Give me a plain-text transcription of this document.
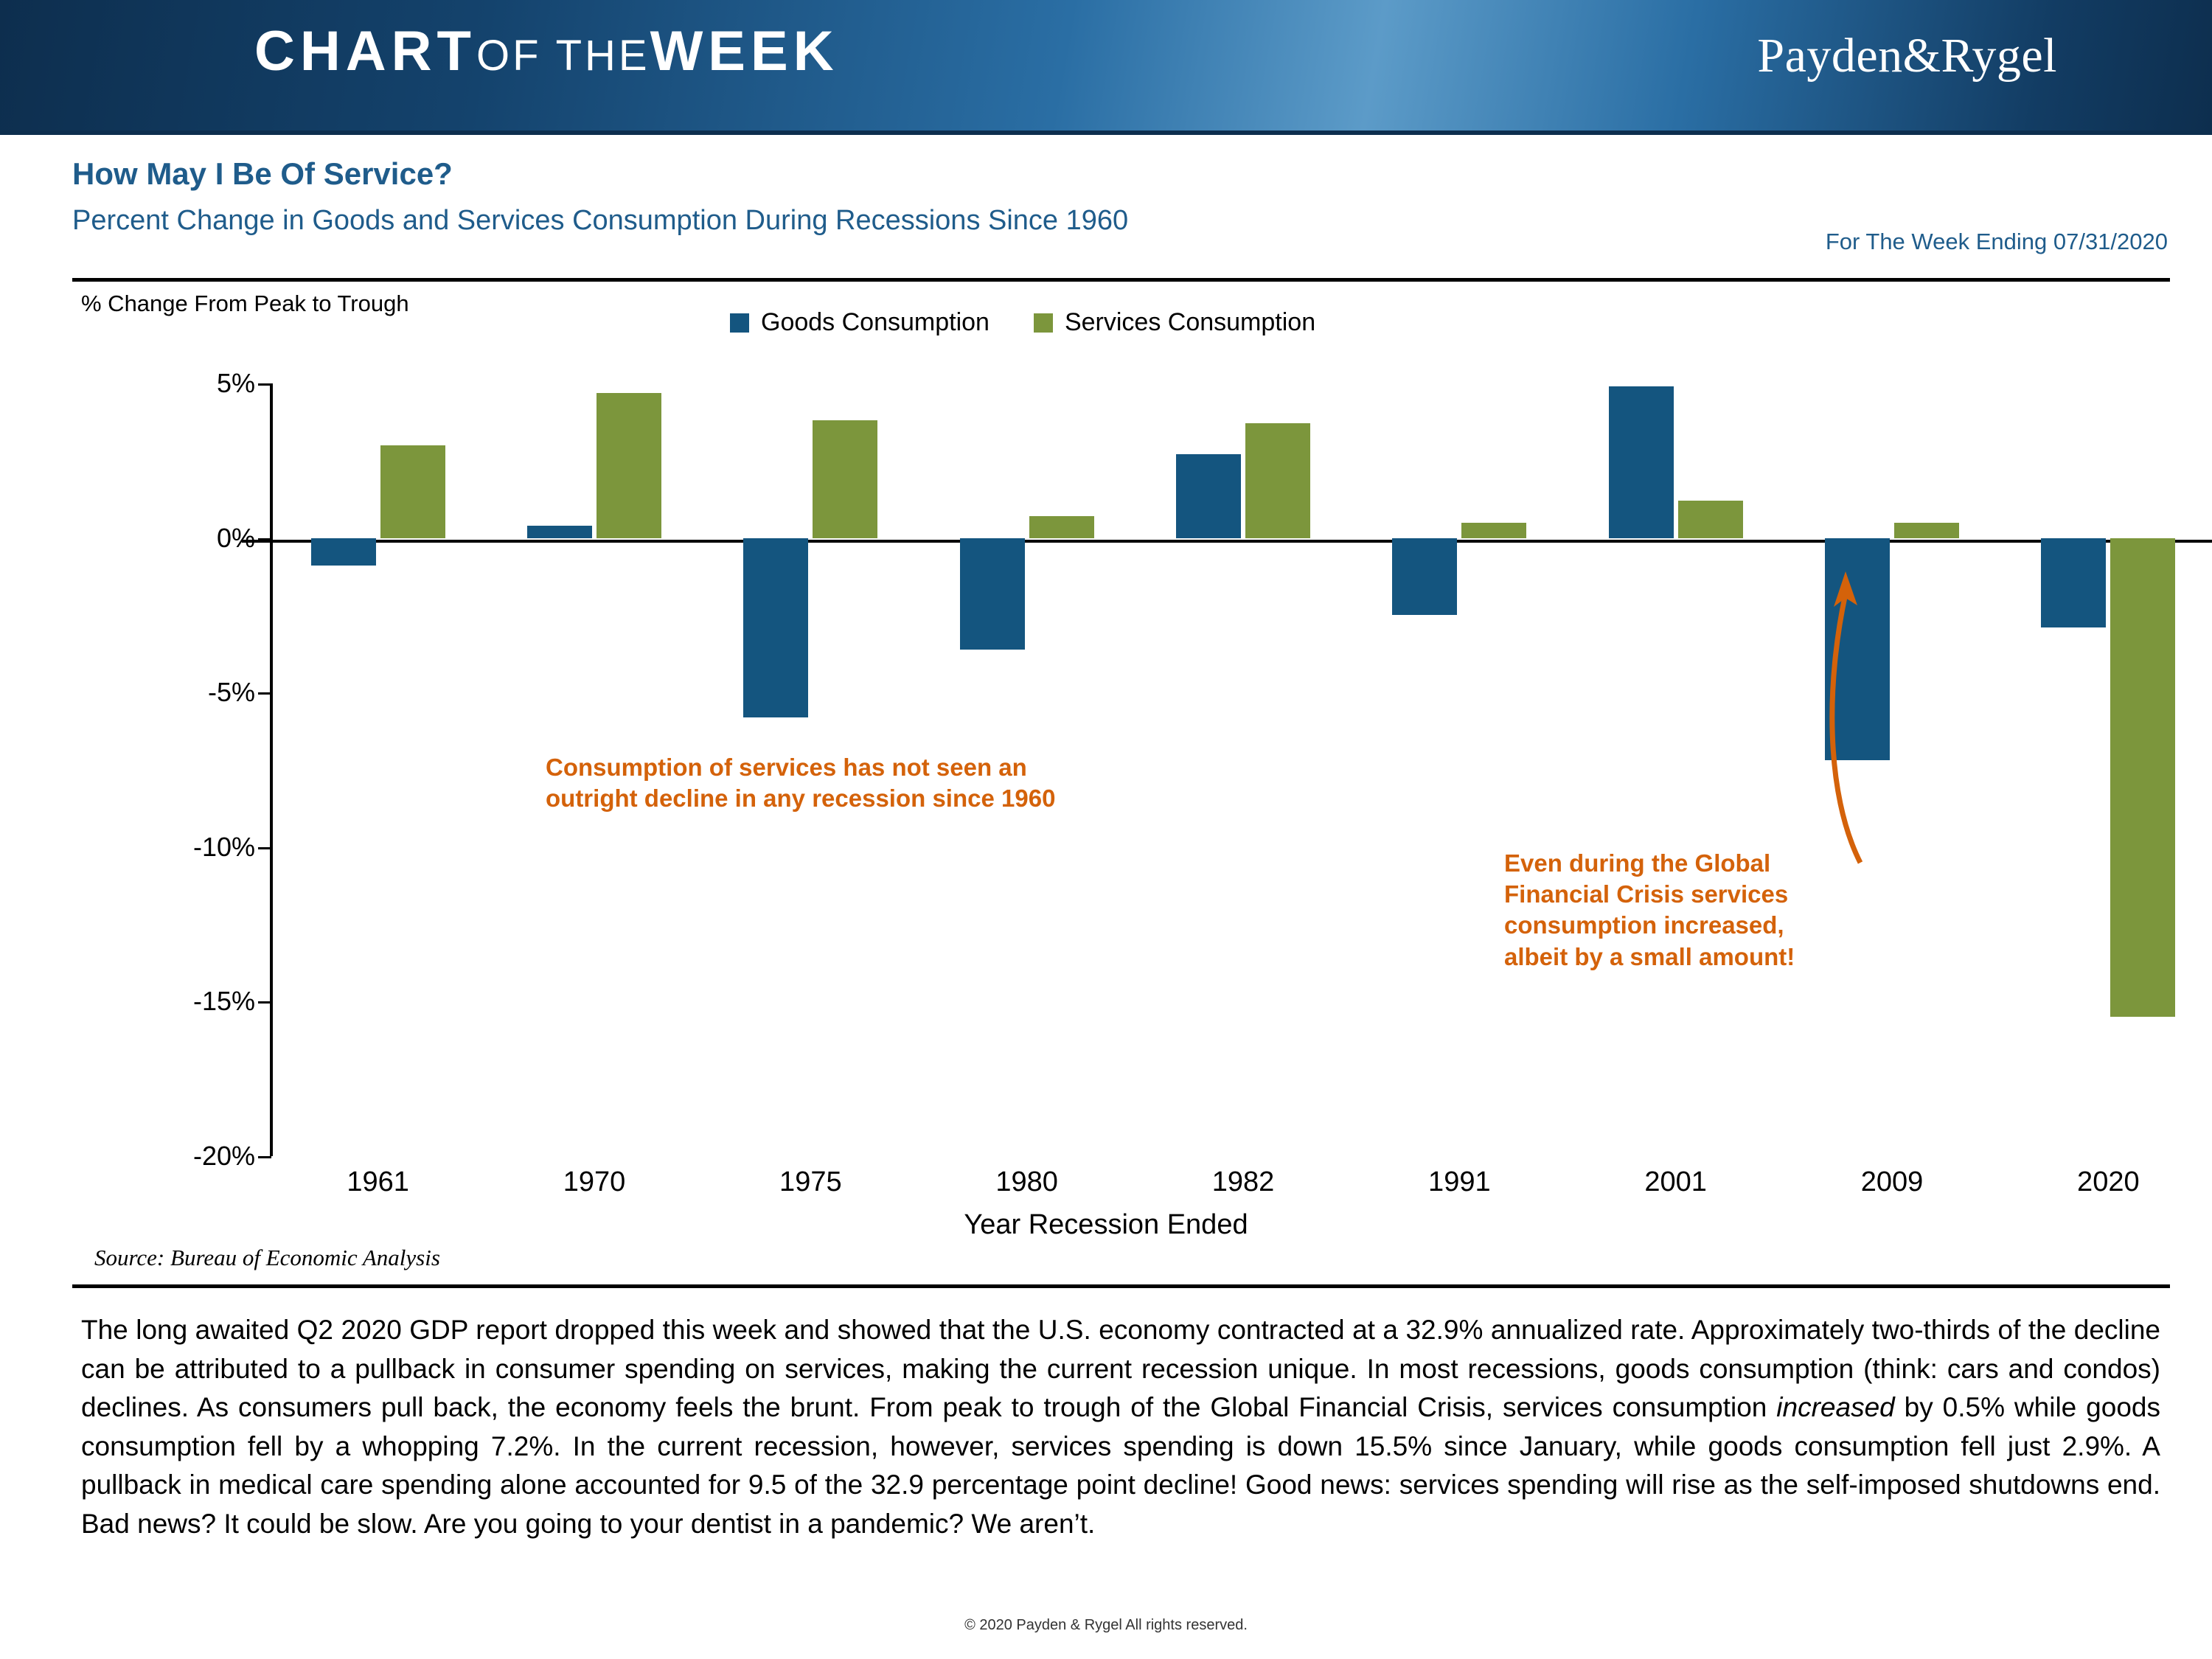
CHARTOF THEWEEK	Payden&Rygel
How May I Be Of Service?
Percent Change in Goods and Services Consumption During Recessions Since 1960
For The Week Ending 07/31/2020
% Change From Peak to Trough
Goods Consumption	Services Consumption
5%
0%
-5%
-10%
-15%
-20%
1961	1970	1975	1980	1982	1991	2001	2009	2020
Year Recession Ended
Consumption of services has not seen an
outright decline in any recession since 1960
Even during the Global
Financial Crisis services
consumption increased,
albeit by a small amount!
Source: Bureau of Economic Analysis
The long awaited Q2 2020 GDP report dropped this week and showed that the U.S. economy contracted at a 32.9% annualized rate. Approximately two-thirds of the decline can be attributed to a pullback in consumer spending on services, making the current recession unique. In most recessions, goods consumption (think: cars and condos) declines. As consumers pull back, the economy feels the brunt. From peak to trough of the Global Financial Crisis, services consumption increased by 0.5% while goods consumption fell by a whopping 7.2%. In the current recession, however, services spending is down 15.5% since January, while goods consumption fell just 2.9%. A pullback in medical care spending alone accounted for 9.5 of the 32.9 percentage point decline! Good news: services spending will rise as the self-imposed shutdowns end. Bad news? It could be slow. Are you going to your dentist in a pandemic? We aren’t.
© 2020 Payden & Rygel All rights reserved.
